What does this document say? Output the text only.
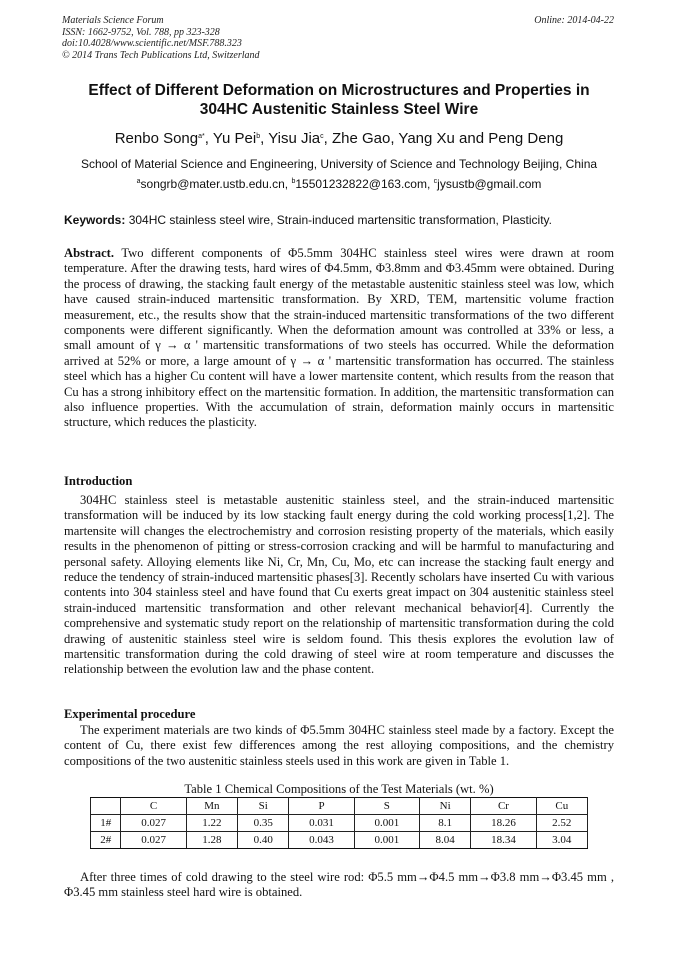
Materials Science Forum
ISSN: 1662-9752, Vol. 788, pp 323-328
doi:10.4028/www.scientific.net/MSF.788.323
© 2014 Trans Tech Publications Ltd, Switzerland
Online: 2014-04-22
Effect of Different Deformation on Microstructures and Properties in
304HC Austenitic Stainless Steel Wire
Renbo Song$^{a*}$, Yu Pei$^b$, Yisu Jia$^c$, Zhe Gao, Yang Xu and Peng Deng
School of Material Science and Engineering, University of Science and Technology Beijing, China
$^a$songrb@mater.ustb.edu.cn, $^b$15501232822@163.com, $^c$jysustb@gmail.com
Keywords: 304HC stainless steel wire, Strain-induced martensitic transformation, Plasticity.
Abstract. Two different components of Φ5.5mm 304HC stainless steel wires were drawn at room temperature. After the drawing tests, hard wires of Φ4.5mm, Φ3.8mm and Φ3.45mm were obtained. During the process of drawing, the stacking fault energy of the metastable austenitic stainless steel was low, which have caused strain-induced martensitic transformation. By XRD, TEM, martensitic volume fraction measurement, etc., the results show that the strain-induced martensitic transformations of the two different components were different significantly. When the deformation amount was controlled at 33% or less, a small amount of γ → α ' martensitic transformations of two steels has occurred. While the deformation arrived at 52% or more, a large amount of γ → α ' martensitic transformation has occurred. The stainless steel which has a higher Cu content will have a lower martensite content, which results from the reason that Cu has a strong inhibitory effect on the martensitic formation. In addition, the martensitic transformation can also influence properties. With the accumulation of strain, deformation mainly occurs in martensitic structure, which reduces the plasticity.
Introduction
304HC stainless steel is metastable austenitic stainless steel, and the strain-induced martensitic transformation will be induced by its low stacking fault energy during the cold working process[1,2]. The martensite will changes the electrochemistry and corrosion resisting property of the materials, which easily results in the phenomenon of pitting or stress-corrosion cracking and will be harmful to manufacturing and personal safety. Alloying elements like Ni, Cr, Mn, Cu, Mo, etc can increase the stacking fault energy and reduce the tendency of strain-induced martensitic phases[3]. Recently scholars have inserted Cu with various contents into 304 stainless steel and have found that Cu exerts great impact on 304 austenitic stainless steel strain-induced martensitic transformation and other relevant mechanical behavior[4]. Currently the comprehensive and systematic study report on the relationship of martensitic transformation during the cold drawing of austenitic stainless steel wire is seldom found. This thesis explores the evolution law of martensitic transformation during the cold drawing of steel wire at room temperature and discusses the relationship between the evolution law and the phase content.
Experimental procedure
The experiment materials are two kinds of Φ5.5mm 304HC stainless steel made by a factory. Except the content of Cu, there exist few differences among the rest alloying compositions, and the chemistry compositions of the two austenitic stainless steels used in this work are given in Table 1.
Table 1 Chemical Compositions of the Test Materials (wt. %)
	C	Mn	Si	P	S	Ni	Cr	Cu
1#	0.027	1.22	0.35	0.031	0.001	8.1	18.26	2.52
2#	0.027	1.28	0.40	0.043	0.001	8.04	18.34	3.04
After three times of cold drawing to the steel wire rod: Φ5.5 mm→Φ4.5 mm→Φ3.8 mm→Φ3.45 mm , Φ3.45 mm stainless steel hard wire is obtained.
